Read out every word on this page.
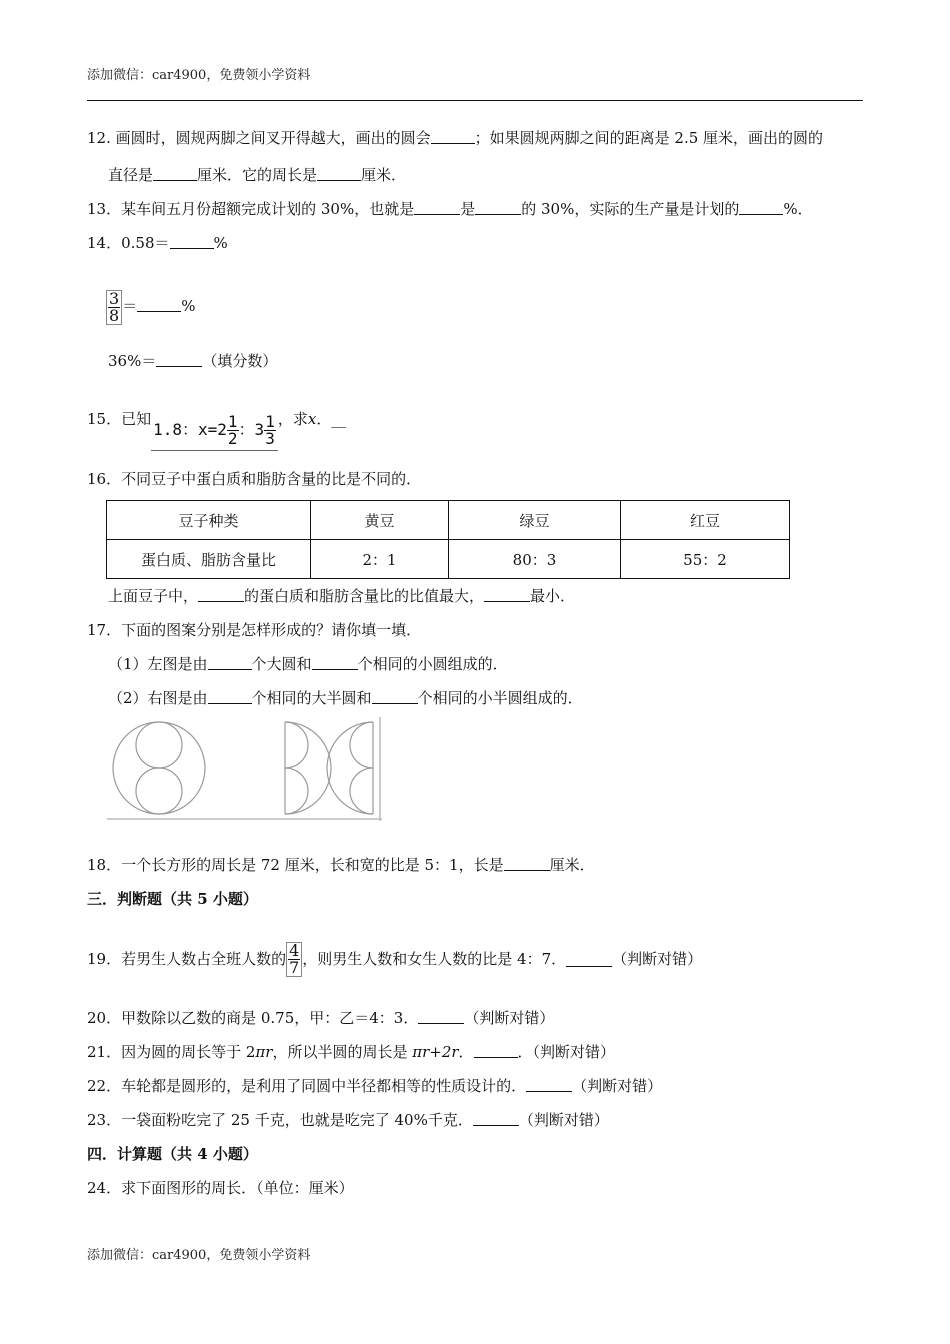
添加微信：car4900，免费领小学资料
12. 画圆时，圆规两脚之间叉开得越大，画出的圆会	；如果圆规两脚之间的距离是 2.5 厘米，画出的圆的
直径是	厘米．它的周长是	厘米．
13．某车间五月份超额完成计划的 30%，也就是	是	的 30%，实际的生产量是计划的	%．
14．0.58＝	%
$\frac{3}{8}$ ＝	%
36%＝	（填分数）
15．已知1.8：$x=2 \frac{1}{2}$ ：$3 \frac{1}{3}$ ，求x．__
16．不同豆子中蛋白质和脂肪含量的比是不同的．
豆子种类	黄豆	绿豆	红豆
蛋白质、脂肪含量比	2：1	80：3	55：2
上面豆子中，	的蛋白质和脂肪含量比的比值最大，	最小．
17．下面的图案分别是怎样形成的？请你填一填．
（1）左图是由	个大圆和	个相同的小圆组成的．
（2）右图是由	个相同的大半圆和	个相同的小半圆组成的．
18．一个长方形的周长是 72 厘米，长和宽的比是 5：1，长是	厘米．
三．判断题（共 5 小题）
19．若男生人数占全班人数的 $\frac{4}{7}$ ，则男生人数和女生人数的比是 4：7．	（判断对错）
20．甲数除以乙数的商是 0.75，甲：乙＝4：3．	（判断对错）
21．因为圆的周长等于 2πr，所以半圆的周长是 πr+2r．	．（判断对错）
22．车轮都是圆形的，是利用了同圆中半径都相等的性质设计的．	（判断对错）
23．一袋面粉吃完了 25 千克，也就是吃完了 40%千克．	（判断对错）
四．计算题（共 4 小题）
24．求下面图形的周长．（单位：厘米）
添加微信：car4900，免费领小学资料
